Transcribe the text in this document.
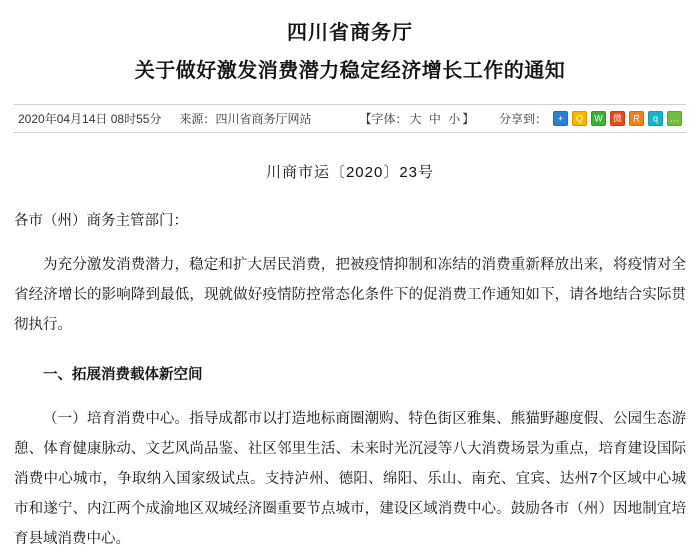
四川省商务厅
关于做好激发消费潜力稳定经济增长工作的通知
2020年04月14日 08时55分 来源：四川省商务厅网站	【字体： 大 中 小 】 分享到：	+	Q	W 微	R	q	…
川商市运〔2020〕23号

各市（州）商务主管部门：

为充分激发消费潜力，稳定和扩大居民消费，把被疫情抑制和冻结的消费重新释放出来，将疫情对全省经济增长的影响降到最低，现就做好疫情防控常态化条件下的促消费工作通知如下，请各地结合实际贯彻执行。

一、拓展消费载体新空间

（一）培育消费中心。指导成都市以打造地标商圈潮购、特色街区雅集、熊猫野趣度假、公园生态游憩、体育健康脉动、文艺风尚品鉴、社区邻里生活、未来时光沉浸等八大消费场景为重点，培育建设国际消费中心城市，争取纳入国家级试点。支持泸州、德阳、绵阳、乐山、南充、宜宾、达州7个区域中心城市和遂宁、内江两个成渝地区双城经济圈重要节点城市，建设区域消费中心。鼓励各市（州）因地制宜培育县域消费中心。
